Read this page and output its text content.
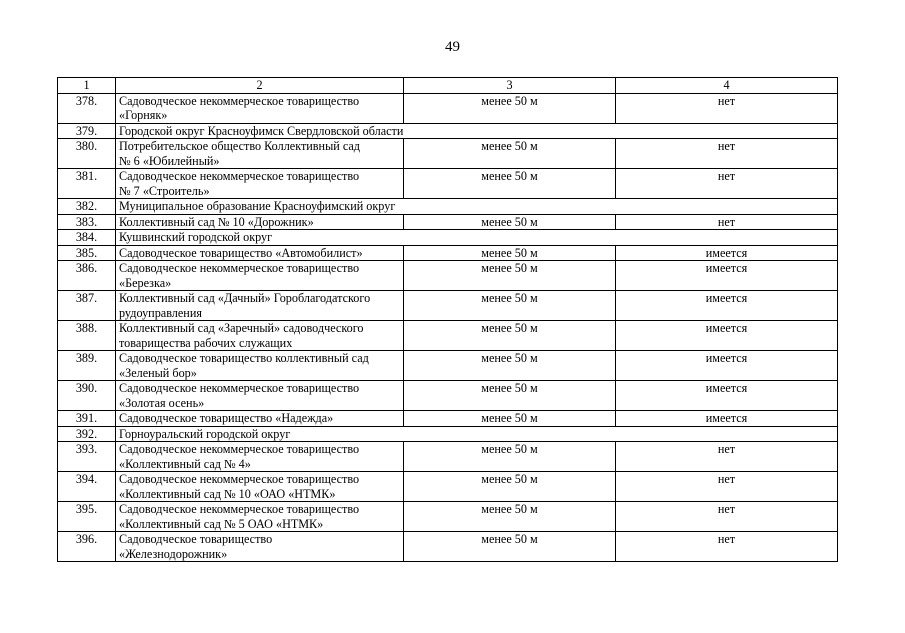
49
1	2	3	4
378.	Садоводческое некоммерческое товарищество
«Горняк»	менее 50 м	нет
379.	Городской округ Красноуфимск Свердловской области		

380.	Потребительское общество Коллективный сад
№ 6 «Юбилейный»	менее 50 м	нет
381.	Садоводческое некоммерческое товарищество
№ 7 «Строитель»	менее 50 м	нет
382.	Муниципальное образование Красноуфимский округ		

383.	Коллективный сад № 10 «Дорожник»	менее 50 м	нет
384.	Кушвинский городской округ		

385.	Садоводческое товарищество «Автомобилист»	менее 50 м	имеется
386.	Садоводческое некоммерческое товарищество
«Березка»	менее 50 м	имеется
387.	Коллективный сад «Дачный» Гороблагодатского
рудоуправления	менее 50 м	имеется
388.	Коллективный сад «Заречный» садоводческого
товарищества рабочих служащих	менее 50 м	имеется
389.	Садоводческое товарищество коллективный сад
«Зеленый бор»	менее 50 м	имеется
390.	Садоводческое некоммерческое товарищество
«Золотая осень»	менее 50 м	имеется
391.	Садоводческое товарищество «Надежда»	менее 50 м	имеется
392.	Горноуральский городской округ		

393.	Садоводческое некоммерческое товарищество
«Коллективный сад № 4»	менее 50 м	нет
394.	Садоводческое некоммерческое товарищество
«Коллективный сад № 10 «ОАО «НТМК»	менее 50 м	нет
395.	Садоводческое некоммерческое товарищество
«Коллективный сад № 5 ОАО «НТМК»	менее 50 м	нет
396.	Садоводческое товарищество
«Железнодорожник»	менее 50 м	нет
